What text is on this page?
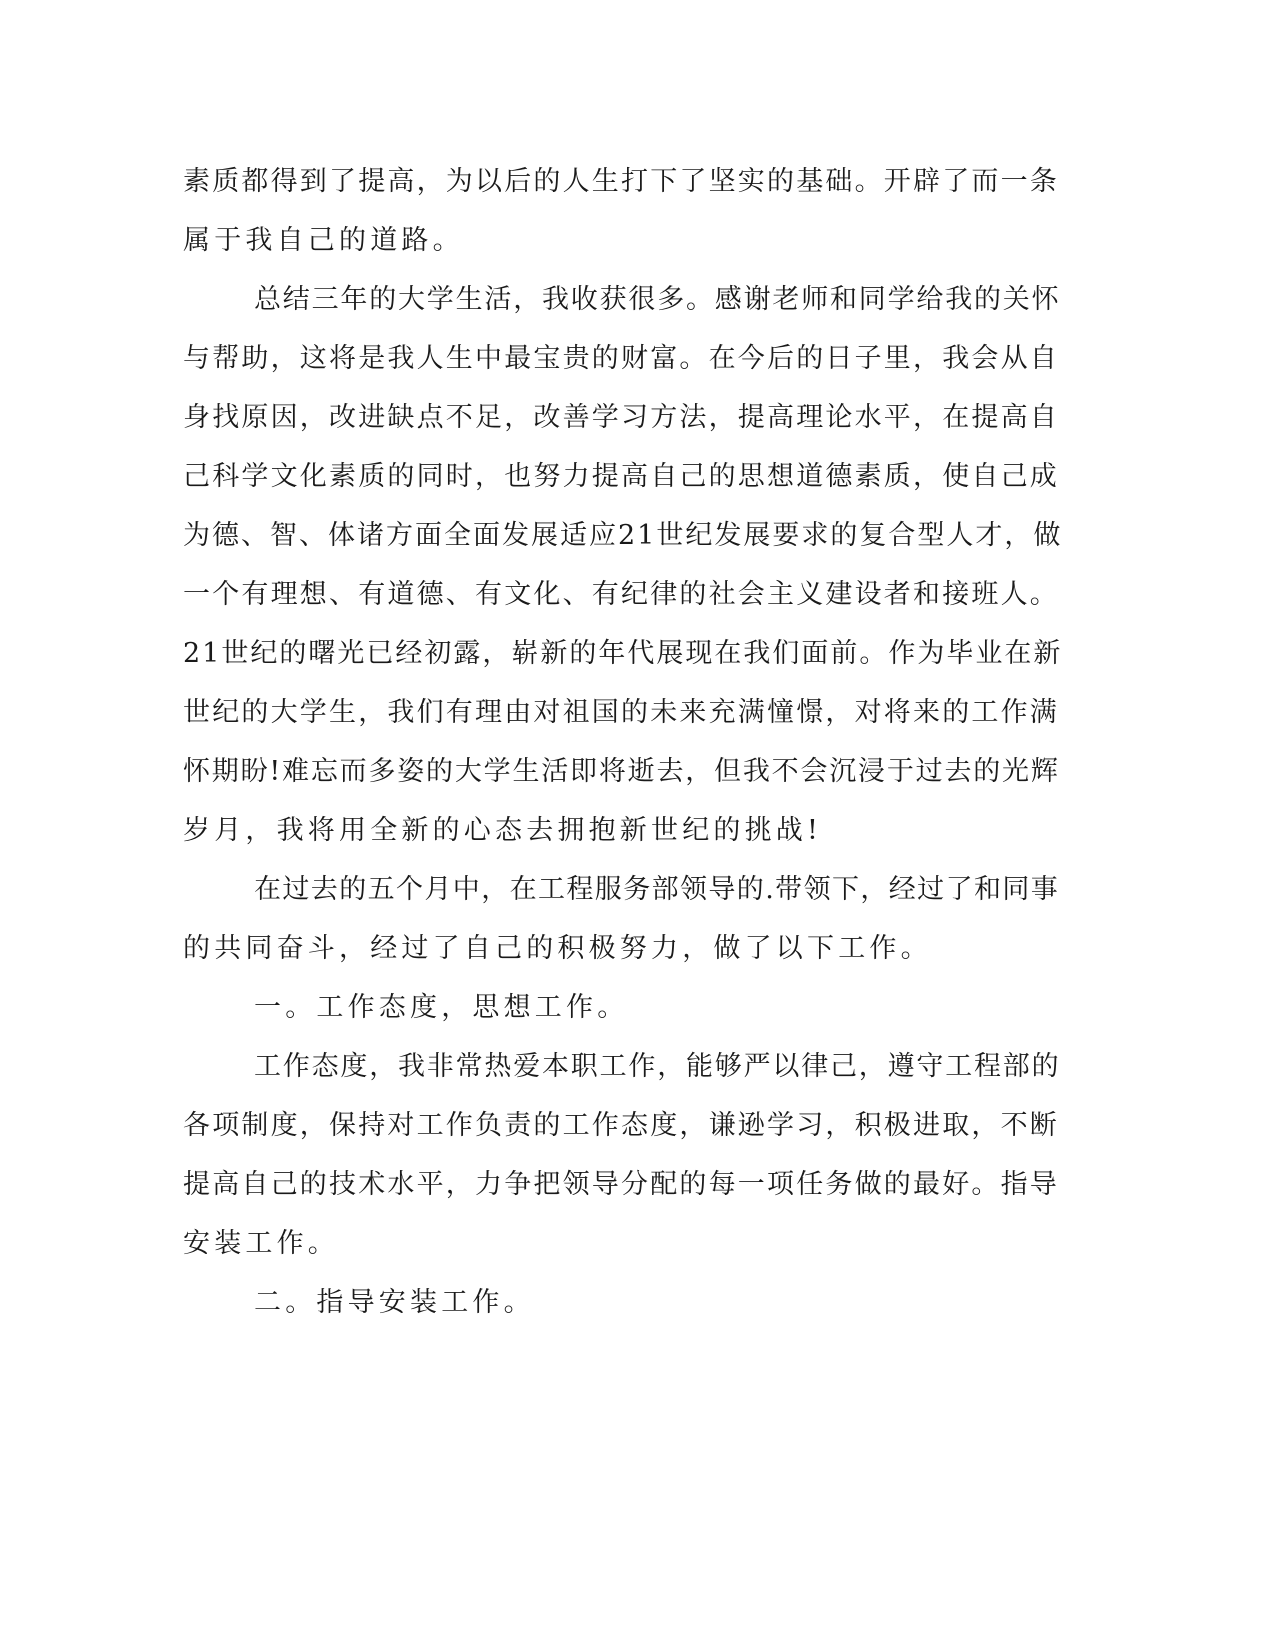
素质都得到了提高，为以后的人生打下了坚实的基础。开辟了而一条
属于我自己的道路。
总结三年的大学生活，我收获很多。感谢老师和同学给我的关怀
与帮助，这将是我人生中最宝贵的财富。在今后的日子里，我会从自
身找原因，改进缺点不足，改善学习方法，提高理论水平，在提高自
己科学文化素质的同时，也努力提高自己的思想道德素质，使自己成
为德、智、体诸方面全面发展适应21世纪发展要求的复合型人才，做
一个有理想、有道德、有文化、有纪律的社会主义建设者和接班人。
21世纪的曙光已经初露，崭新的年代展现在我们面前。作为毕业在新
世纪的大学生，我们有理由对祖国的未来充满憧憬，对将来的工作满
怀期盼!难忘而多姿的大学生活即将逝去，但我不会沉浸于过去的光辉
岁月，我将用全新的心态去拥抱新世纪的挑战!
在过去的五个月中，在工程服务部领导的.带领下，经过了和同事
的共同奋斗，经过了自己的积极努力，做了以下工作。
一。工作态度，思想工作。
工作态度，我非常热爱本职工作，能够严以律己，遵守工程部的
各项制度，保持对工作负责的工作态度，谦逊学习，积极进取，不断
提高自己的技术水平，力争把领导分配的每一项任务做的最好。指导
安装工作。
二。指导安装工作。
